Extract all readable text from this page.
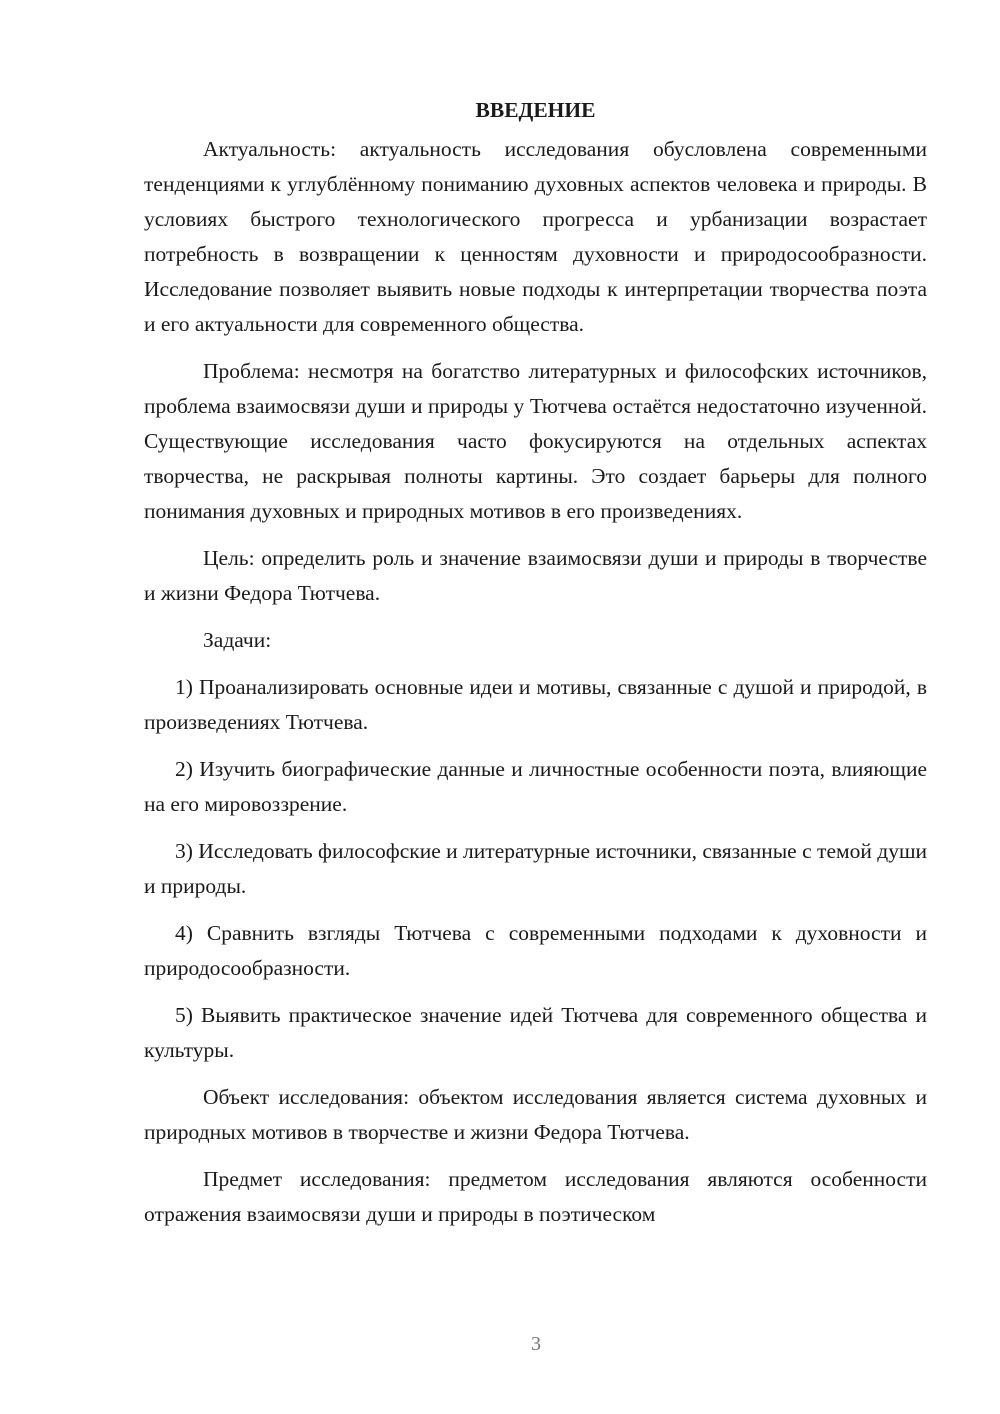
ВВЕДЕНИЕ

Актуальность: актуальность исследования обусловлена современными тенденциями к углублённому пониманию духовных аспектов человека и природы. В условиях быстрого технологического прогресса и урбанизации возрастает потребность в возвращении к ценностям духовности и природосообразности. Исследование позволяет выявить новые подходы к интерпретации творчества поэта и его актуальности для современного общества.

Проблема: несмотря на богатство литературных и философских источников, проблема взаимосвязи души и природы у Тютчева остаётся недостаточно изученной. Существующие исследования часто фокусируются на отдельных аспектах творчества, не раскрывая полноты картины. Это создает барьеры для полного понимания духовных и природных мотивов в его произведениях.

Цель: определить роль и значение взаимосвязи души и природы в творчестве и жизни Федора Тютчева.

Задачи:

1) Проанализировать основные идеи и мотивы, связанные с душой и природой, в произведениях Тютчева.

2) Изучить биографические данные и личностные особенности поэта, влияющие на его мировоззрение.

3) Исследовать философские и литературные источники, связанные с темой души и природы.

4) Сравнить взгляды Тютчева с современными подходами к духовности и природосообразности.

5) Выявить практическое значение идей Тютчева для современного общества и культуры.

Объект исследования: объектом исследования является система духовных и природных мотивов в творчестве и жизни Федора Тютчева.

Предмет исследования: предметом исследования являются особенности отражения взаимосвязи души и природы в поэтическом

3
